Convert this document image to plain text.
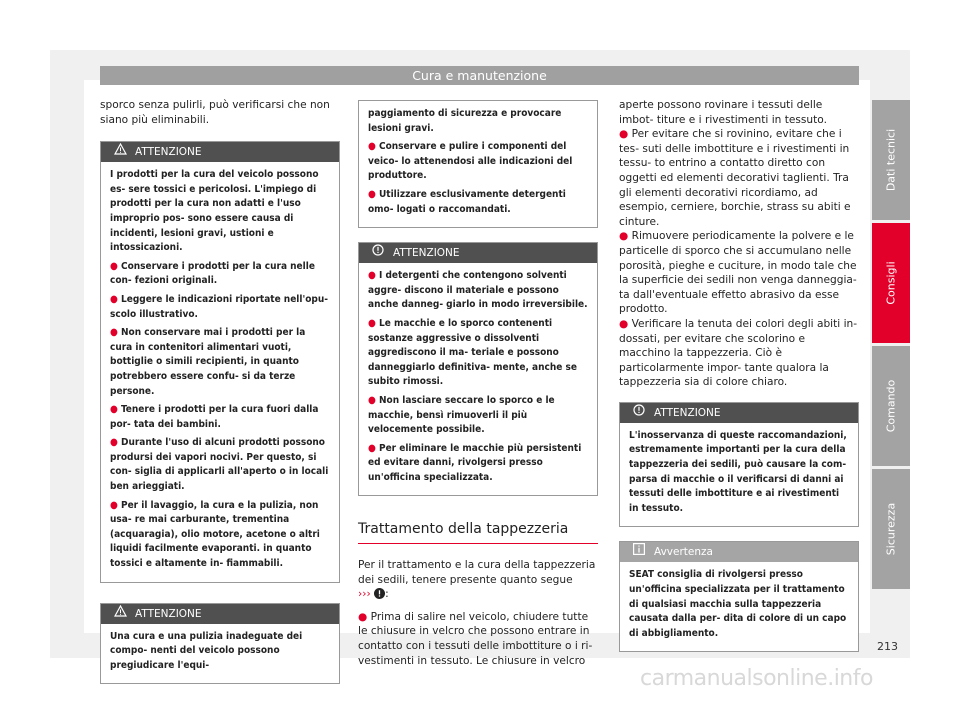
Cura e manutenzione

sporco senza pulirli, può verificarsi che non siano più eliminabili.

ATTENZIONE

I prodotti per la cura del veicolo possono es- sere tossici e pericolosi. L'impiego di prodotti per la cura non adatti e l'uso improprio pos- sono essere causa di incidenti, lesioni gravi, ustioni e intossicazioni.

● Conservare i prodotti per la cura nelle con- fezioni originali.

● Leggere le indicazioni riportate nell'opu- scolo illustrativo.

● Non conservare mai i prodotti per la cura in contenitori alimentari vuoti, bottiglie o simili recipienti, in quanto potrebbero essere confu- si da terze persone.

● Tenere i prodotti per la cura fuori dalla por- tata dei bambini.

● Durante l'uso di alcuni prodotti possono prodursi dei vapori nocivi. Per questo, si con- siglia di applicarli all'aperto o in locali ben arieggiati.

● Per il lavaggio, la cura e la pulizia, non usa- re mai carburante, trementina (acquaragia), olio motore, acetone o altri liquidi facilmente evaporanti. in quanto tossici e altamente in- fiammabili.

ATTENZIONE

Una cura e una pulizia inadeguate dei compo- nenti del veicolo possono pregiudicare l'equi-

paggiamento di sicurezza e provocare lesioni gravi.

● Conservare e pulire i componenti del veico- lo attenendosi alle indicazioni del produttore.

● Utilizzare esclusivamente detergenti omo- logati o raccomandati.

ATTENZIONE

● I detergenti che contengono solventi aggre- discono il materiale e possono anche danneg- giarlo in modo irreversibile.

● Le macchie e lo sporco contenenti sostanze aggressive o dissolventi aggrediscono il ma- teriale e possono danneggiarlo definitiva- mente, anche se subito rimossi.

● Non lasciare seccare lo sporco e le macchie, bensì rimuoverli il più velocemente possibile.

● Per eliminare le macchie più persistenti ed evitare danni, rivolgersi presso un'officina specializzata.

Trattamento della tappezzeria

Per il trattamento e la cura della tappezzeria dei sedili, tenere presente quanto segue
››› :

● Prima di salire nel veicolo, chiudere tutte le chiusure in velcro che possono entrare in contatto con i tessuti delle imbottiture o i ri- vestimenti in tessuto. Le chiusure in velcro

aperte possono rovinare i tessuti delle imbot- titure e i rivestimenti in tessuto.

● Per evitare che si rovinino, evitare che i tes- suti delle imbottiture e i rivestimenti in tessu- to entrino a contatto diretto con oggetti ed elementi decorativi taglienti. Tra gli elementi decorativi ricordiamo, ad esempio, cerniere, borchie, strass su abiti e cinture.

● Rimuovere periodicamente la polvere e le particelle di sporco che si accumulano nelle porosità, pieghe e cuciture, in modo tale che la superficie dei sedili non venga danneggia- ta dall'eventuale effetto abrasivo da esse prodotto.

● Verificare la tenuta dei colori degli abiti in- dossati, per evitare che scolorino e macchino la tappezzeria. Ciò è particolarmente impor- tante qualora la tappezzeria sia di colore chiaro.

ATTENZIONE

L'inosservanza di queste raccomandazioni, estremamente importanti per la cura della tappezzeria dei sedili, può causare la com- parsa di macchie o il verificarsi di danni ai tessuti delle imbottiture e ai rivestimenti in tessuto.

Avvertenza

SEAT consiglia di rivolgersi presso un'officina specializzata per il trattamento di qualsiasi macchia sulla tappezzeria causata dalla per- dita di colore di un capo di abbigliamento.

Dati tecnici
Consigli
Comando
Sicurezza
213
carmanualsonline.info
